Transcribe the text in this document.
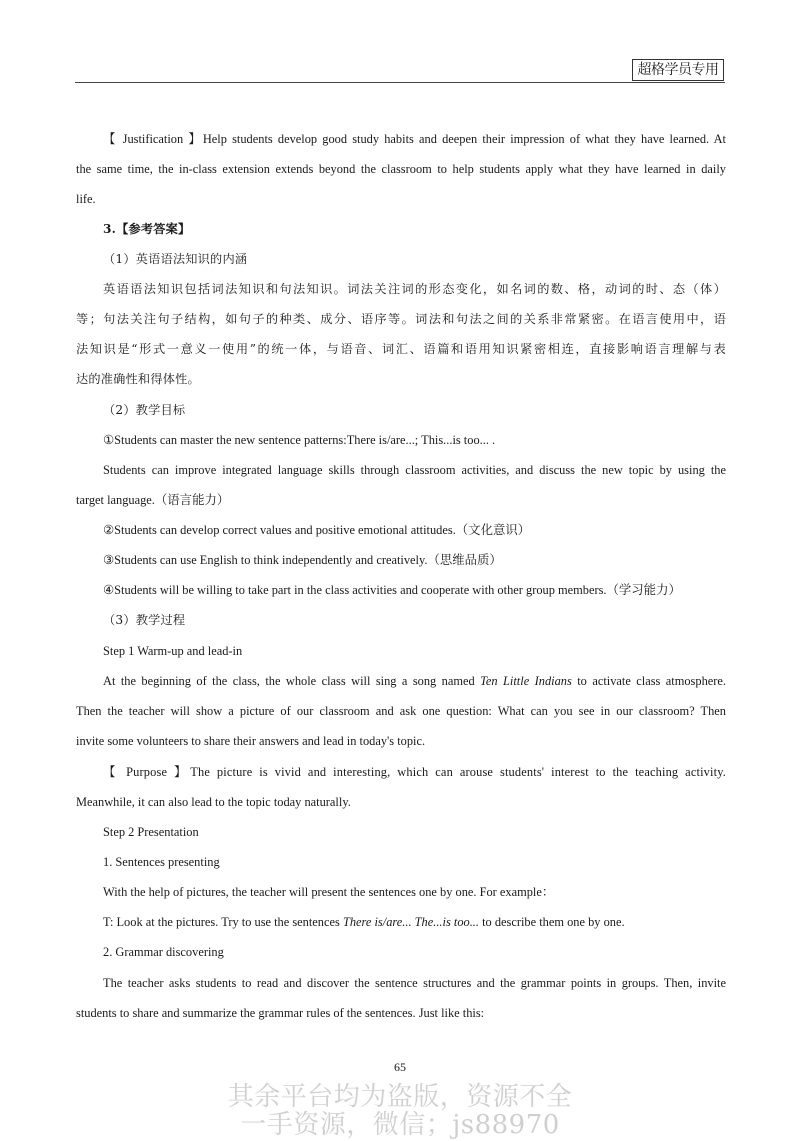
超格学员专用

【 Justification 】Help students develop good study habits and deepen their impression of what they have learned. At

the same time, the in-class extension extends beyond the classroom to help students apply what they have learned in daily

life.

3.【参考答案】

（1）英语语法知识的内涵

英语语法知识包括词法知识和句法知识。词法关注词的形态变化，如名词的数、格，动词的时、态（体）

等；句法关注句子结构，如句子的种类、成分、语序等。词法和句法之间的关系非常紧密。在语言使用中，语

法知识是“形式一意义一使用”的统一体，与语音、词汇、语篇和语用知识紧密相连，直接影响语言理解与表

达的准确性和得体性。

（2）教学目标

①Students can master the new sentence patterns:There is/are...; This...is too... .

Students can improve integrated language skills through classroom activities, and discuss the new topic by using the

target language.（语言能力）

②Students can develop correct values and positive emotional attitudes.（文化意识）

③Students can use English to think independently and creatively.（思维品质）

④Students will be willing to take part in the class activities and cooperate with other group members.（学习能力）

（3）教学过程

Step 1 Warm-up and lead-in

At the beginning of the class, the whole class will sing a song named Ten Little Indians to activate class atmosphere.

Then the teacher will show a picture of our classroom and ask one question: What can you see in our classroom? Then

invite some volunteers to share their answers and lead in today's topic.

【 Purpose 】The picture is vivid and interesting, which can arouse students' interest to the teaching activity.

Meanwhile, it can also lead to the topic today naturally.

Step 2 Presentation

1. Sentences presenting

With the help of pictures, the teacher will present the sentences one by one. For example：

T: Look at the pictures. Try to use the sentences There is/are... The...is too... to describe them one by one.

2. Grammar discovering

The teacher asks students to read and discover the sentence structures and the grammar points in groups. Then, invite

students to share and summarize the grammar rules of the sentences. Just like this:

65
其余平台均为盗版，资源不全
一手资源，微信；js88970
